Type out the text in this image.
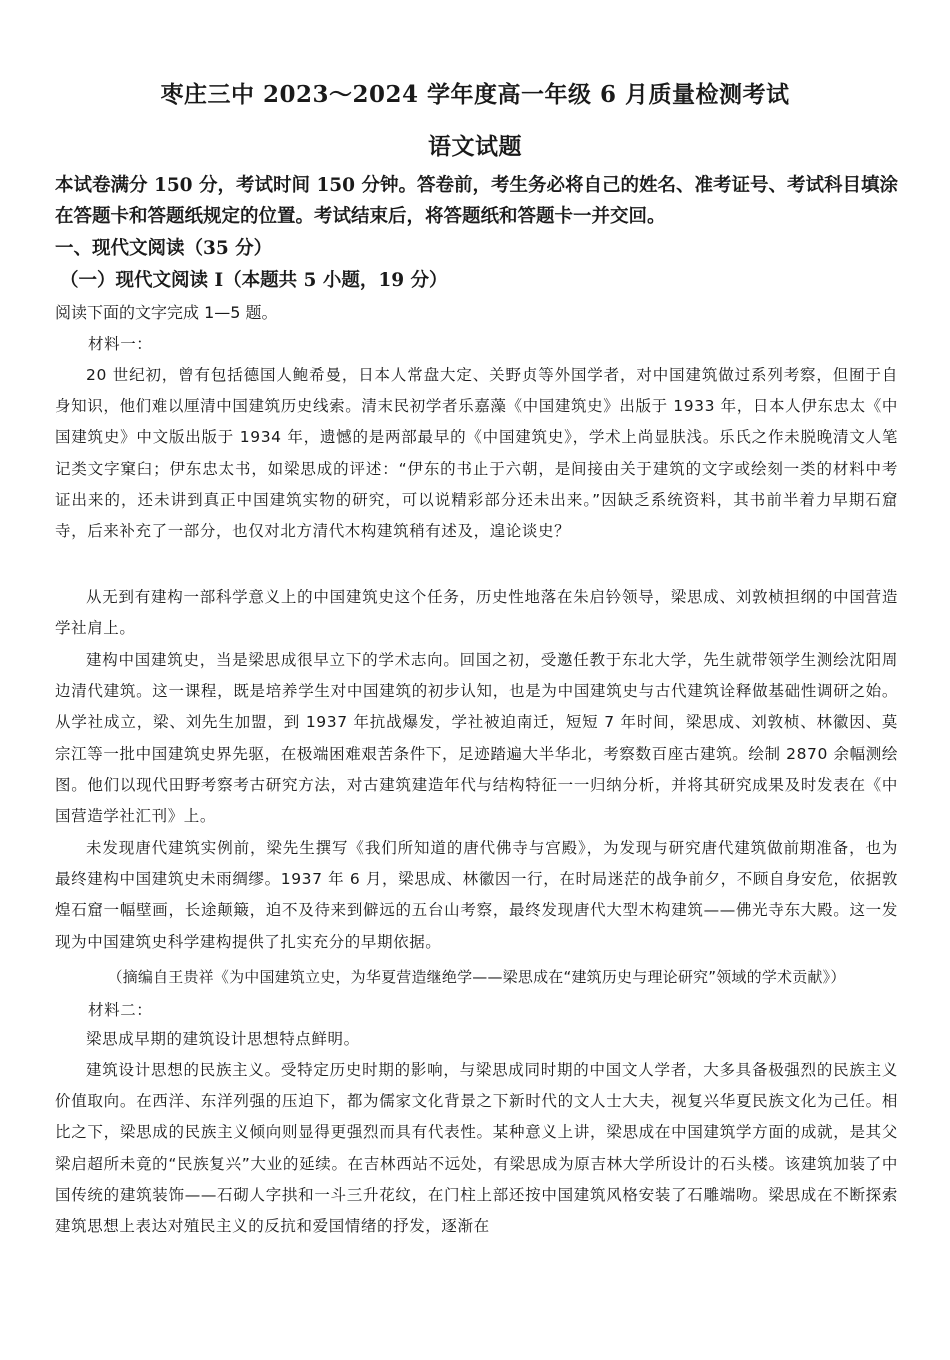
枣庄三中 2023～2024 学年度高一年级 6 月质量检测考试
语文试题

本试卷满分 150 分，考试时间 150 分钟。答卷前，考生务必将自己的姓名、准考证号、考试科目填涂在答题卡和答题纸规定的位置。考试结束后，将答题纸和答题卡一并交回。

一、现代文阅读（35 分）

（一）现代文阅读 I（本题共 5 小题，19 分）

阅读下面的文字完成 1—5 题。

材料一：

20 世纪初，曾有包括德国人鲍希曼，日本人常盘大定、关野贞等外国学者，对中国建筑做过系列考察，但囿于自身知识，他们难以厘清中国建筑历史线索。清末民初学者乐嘉藻《中国建筑史》出版于 1933 年，日本人伊东忠太《中国建筑史》中文版出版于 1934 年，遗憾的是两部最早的《中国建筑史》，学术上尚显肤浅。乐氏之作未脱晚清文人笔记类文字窠臼；伊东忠太书，如梁思成的评述：“伊东的书止于六朝，是间接由关于建筑的文字或绘刻一类的材料中考证出来的，还未讲到真正中国建筑实物的研究，可以说精彩部分还未出来。”因缺乏系统资料，其书前半着力早期石窟寺，后来补充了一部分，也仅对北方清代木构建筑稍有述及，遑论谈史？

从无到有建构一部科学意义上的中国建筑史这个任务，历史性地落在朱启钤领导，梁思成、刘敦桢担纲的中国营造学社肩上。

建构中国建筑史，当是梁思成很早立下的学术志向。回国之初，受邀任教于东北大学，先生就带领学生测绘沈阳周边清代建筑。这一课程，既是培养学生对中国建筑的初步认知，也是为中国建筑史与古代建筑诠释做基础性调研之始。从学社成立，梁、刘先生加盟，到 1937 年抗战爆发，学社被迫南迁，短短 7 年时间，梁思成、刘敦桢、林徽因、莫宗江等一批中国建筑史界先驱，在极端困难艰苦条件下，足迹踏遍大半华北，考察数百座古建筑。绘制 2870 余幅测绘图。他们以现代田野考察考古研究方法，对古建筑建造年代与结构特征一一归纳分析，并将其研究成果及时发表在《中国营造学社汇刊》上。

未发现唐代建筑实例前，梁先生撰写《我们所知道的唐代佛寺与宫殿》，为发现与研究唐代建筑做前期准备，也为最终建构中国建筑史未雨绸缪。1937 年 6 月，梁思成、林徽因一行，在时局迷茫的战争前夕，不顾自身安危，依据敦煌石窟一幅壁画，长途颠簸，迫不及待来到僻远的五台山考察，最终发现唐代大型木构建筑——佛光寺东大殿。这一发现为中国建筑史科学建构提供了扎实充分的早期依据。

（摘编自王贵祥《为中国建筑立史，为华夏营造继绝学——梁思成在“建筑历史与理论研究”领域的学术贡献》）

材料二：

梁思成早期的建筑设计思想特点鲜明。

建筑设计思想的民族主义。受特定历史时期的影响，与梁思成同时期的中国文人学者，大多具备极强烈的民族主义价值取向。在西洋、东洋列强的压迫下，都为儒家文化背景之下新时代的文人士大夫，视复兴华夏民族文化为己任。相比之下，梁思成的民族主义倾向则显得更强烈而具有代表性。某种意义上讲，梁思成在中国建筑学方面的成就，是其父梁启超所未竟的“民族复兴”大业的延续。在吉林西站不远处，有梁思成为原吉林大学所设计的石头楼。该建筑加装了中国传统的建筑装饰——石砌人字拱和一斗三升花纹，在门柱上部还按中国建筑风格安装了石雕端吻。梁思成在不断探索建筑思想上表达对殖民主义的反抗和爱国情绪的抒发，逐渐在
